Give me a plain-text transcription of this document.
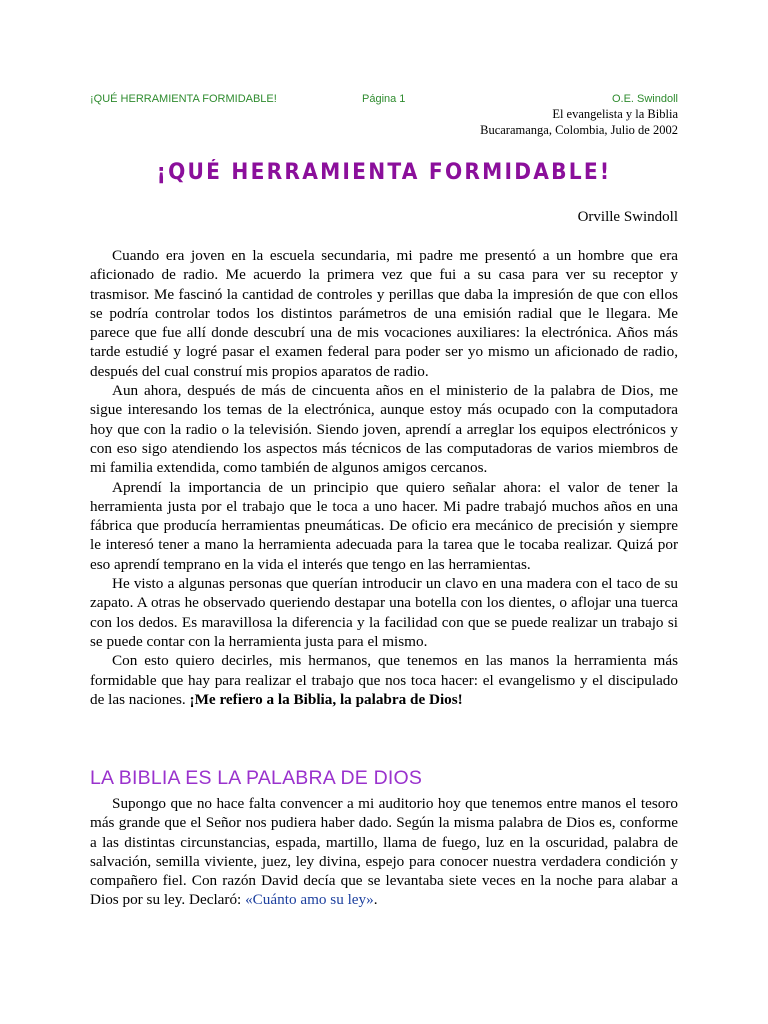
¡QUÉ HERRAMIENTA FORMIDABLE!	Página 1	O.E. Swindoll
El evangelista y la Biblia
Bucaramanga, Colombia, Julio de 2002
¡QUÉ HERRAMIENTA FORMIDABLE!
Orville Swindoll

Cuando era joven en la escuela secundaria, mi padre me presentó a un hombre que era aficionado de radio. Me acuerdo la primera vez que fui a su casa para ver su receptor y trasmisor. Me fascinó la cantidad de controles y perillas que daba la impresión de que con ellos se podría controlar todos los distintos parámetros de una emisión radial que le llegara. Me parece que fue allí donde descubrí una de mis vocaciones auxiliares: la electrónica. Años más tarde estudié y logré pasar el examen federal para poder ser yo mismo un aficionado de radio, después del cual construí mis propios aparatos de radio.

Aun ahora, después de más de cincuenta años en el ministerio de la palabra de Dios, me sigue interesando los temas de la electrónica, aunque estoy más ocupado con la computadora hoy que con la radio o la televisión. Siendo joven, aprendí a arreglar los equipos electrónicos y con eso sigo atendiendo los aspectos más técnicos de las computadoras de varios miembros de mi familia extendida, como también de algunos amigos cercanos.

Aprendí la importancia de un principio que quiero señalar ahora: el valor de tener la herramienta justa por el trabajo que le toca a uno hacer. Mi padre trabajó muchos años en una fábrica que producía herramientas pneumáticas. De oficio era mecánico de precisión y siempre le interesó tener a mano la herramienta adecuada para la tarea que le tocaba realizar. Quizá por eso aprendí temprano en la vida el interés que tengo en las herramientas.

He visto a algunas personas que querían introducir un clavo en una madera con el taco de su zapato. A otras he observado queriendo destapar una botella con los dientes, o aflojar una tuerca con los dedos. Es maravillosa la diferencia y la facilidad con que se puede realizar un trabajo si se puede contar con la herramienta justa para el mismo.

Con esto quiero decirles, mis hermanos, que tenemos en las manos la herramienta más formidable que hay para realizar el trabajo que nos toca hacer: el evangelismo y el discipulado de las naciones. ¡Me refiero a la Biblia, la palabra de Dios!

LA BIBLIA ES LA PALABRA DE DIOS

Supongo que no hace falta convencer a mi auditorio hoy que tenemos entre manos el tesoro más grande que el Señor nos pudiera haber dado. Según la misma palabra de Dios es, conforme a las distintas circunstancias, espada, martillo, llama de fuego, luz en la oscuridad, palabra de salvación, semilla viviente, juez, ley divina, espejo para conocer nuestra verdadera condición y compañero fiel. Con razón David decía que se levantaba siete veces en la noche para alabar a Dios por su ley. Declaró: «Cuánto amo su ley».
